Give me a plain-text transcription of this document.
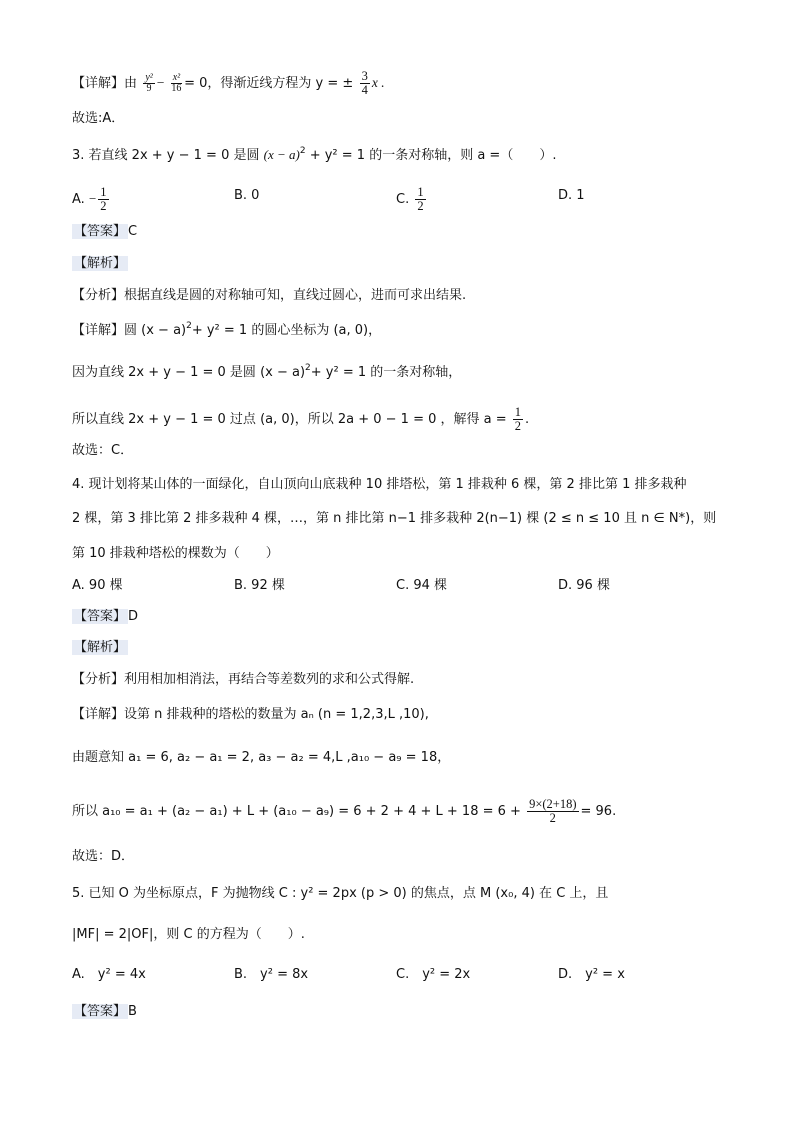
【详解】由 $\frac{\text{y²}}{9} - \frac{\text{x²}}{16} = 0$，得渐近线方程为 y = ± $\frac{3}{4}$ x .
故选:A．
3. 若直线 2x + y − 1 = 0 是圆 $(x - a)^2 + y^2 = 1$ 的一条对称轴，则 a =（　　）.
A. − $\frac{1}{2}$	B. 0	C. $\frac{1}{2}$	D. 1
【答案】 C
【解析】
【分析】根据直线是圆的对称轴可知，直线过圆心，进而可求出结果.
【详解】圆 $(x - a)^2+ y^2 = 1$ 的圆心坐标为 (a, 0)，
因为直线 2x + y − 1 = 0 是圆 $(x - a)^2+ y^2 = 1$ 的一条对称轴，
所以直线 2x + y − 1 = 0 过点 (a, 0)，所以 2a + 0 − 1 = 0 ，解得 $a = \frac{1}{2}$ .
故选：C．
4. 现计划将某山体的一面绿化，自山顶向山底栽种 10 排塔松，第 1 排栽种 6 棵，第 2 排比第 1 排多栽种
2 棵，第 3 排比第 2 排多栽种 4 棵，…，第 n 排比第 n−1 排多栽种 2(n−1) 棵 (2 ≤ n ≤ 10 且 n ∈ N*)，则
第 10 排栽种塔松的棵数为（　　）
A. 90 棵	B. 92 棵	C. 94 棵	D. 96 棵
【答案】 D
【解析】
【分析】利用相加相消法，再结合等差数列的求和公式得解.
【详解】设第 n 排栽种的塔松的数量为 aₙ (n = 1,2,3,L ,10),
由题意知 a₁ = 6, a₂ − a₁ = 2, a₃ − a₂ = 4,L ,a₁₀ − a₉ = 18，
所以 $a_{10} = a_1 + (a_2 - a_1) + L + (a_{10} - a_9) = 6 + 2 + 4 + L + 18 = 6 + \frac{9\times(2+18)}{2} = 96$.
故选：D．
5. 已知 O 为坐标原点，F 为抛物线 C : y² = 2px (p > 0) 的焦点，点 M (x₀, 4) 在 C 上，且
|MF| = 2|OF|，则 C 的方程为（　　）.
A.　y² = 4x	B.　y² = 8x	C.　y² = 2x	D.　y² = x
【答案】 B
